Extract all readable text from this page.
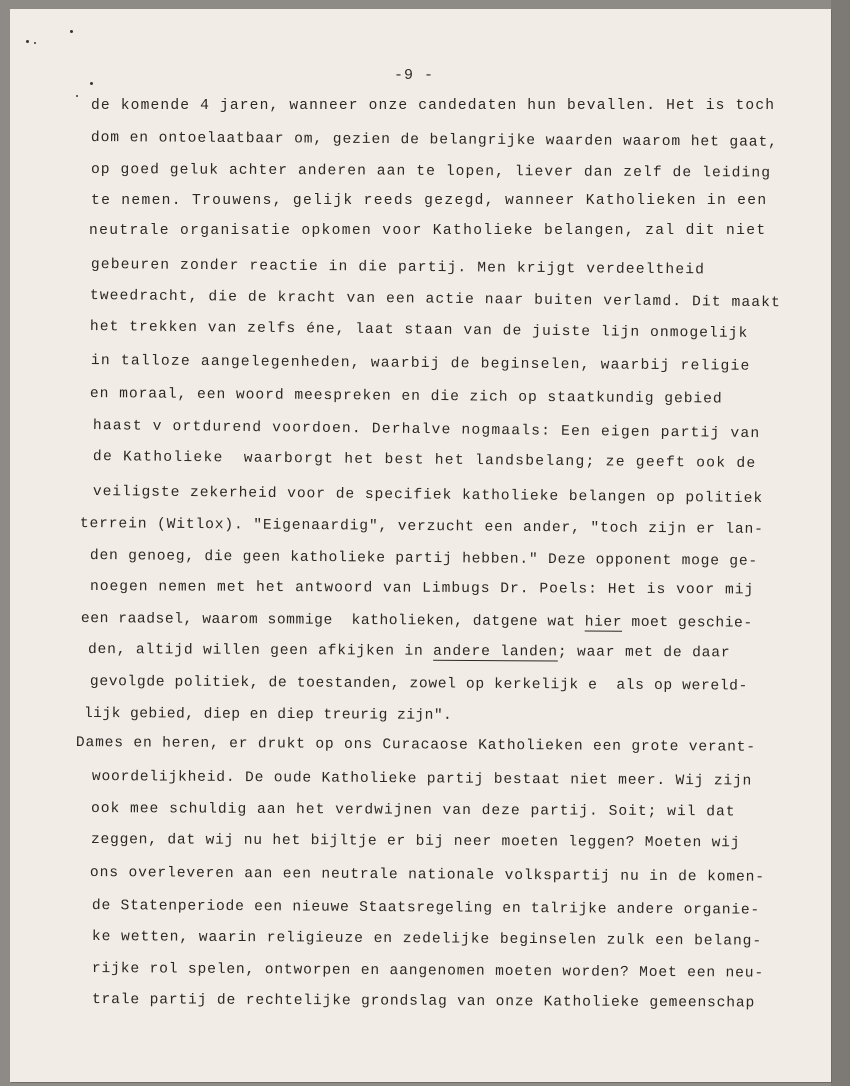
-9 -
de komende 4 jaren, wanneer onze candedaten hun bevallen. Het is toch
dom en ontoelaatbaar om, gezien de belangrijke waarden waarom het gaat,
op goed geluk achter anderen aan te lopen, liever dan zelf de leiding
te nemen. Trouwens, gelijk reeds gezegd, wanneer Katholieken in een
neutrale organisatie opkomen voor Katholieke belangen, zal dit niet
gebeuren zonder reactie in die partij. Men krijgt verdeeltheid
tweedracht, die de kracht van een actie naar buiten verlamd. Dit maakt
het trekken van zelfs éne, laat staan van de juiste lijn onmogelijk
in talloze aangelegenheden, waarbij de beginselen, waarbij religie
en moraal, een woord meespreken en die zich op staatkundig gebied
haast v ortdurend voordoen. Derhalve nogmaals: Een eigen partij van
de Katholieke  waarborgt het best het landsbelang; ze geeft ook de
veiligste zekerheid voor de specifiek katholieke belangen op politiek
terrein (Witlox). "Eigenaardig", verzucht een ander, "toch zijn er lan-
den genoeg, die geen katholieke partij hebben." Deze opponent moge ge-
noegen nemen met het antwoord van Limbugs Dr. Poels: Het is voor mij
een raadsel, waarom sommige  katholieken, datgene wat hier moet geschie-
den, altijd willen geen afkijken in andere landen; waar met de daar
gevolgde politiek, de toestanden, zowel op kerkelijk e  als op wereld-
lijk gebied, diep en diep treurig zijn".
Dames en heren, er drukt op ons Curacaose Katholieken een grote verant-
woordelijkheid. De oude Katholieke partij bestaat niet meer. Wij zijn
ook mee schuldig aan het verdwijnen van deze partij. Soit; wil dat
zeggen, dat wij nu het bijltje er bij neer moeten leggen? Moeten wij
ons overleveren aan een neutrale nationale volkspartij nu in de komen-
de Statenperiode een nieuwe Staatsregeling en talrijke andere organie-
ke wetten, waarin religieuze en zedelijke beginselen zulk een belang-
rijke rol spelen, ontworpen en aangenomen moeten worden? Moet een neu-
trale partij de rechtelijke grondslag van onze Katholieke gemeenschap
